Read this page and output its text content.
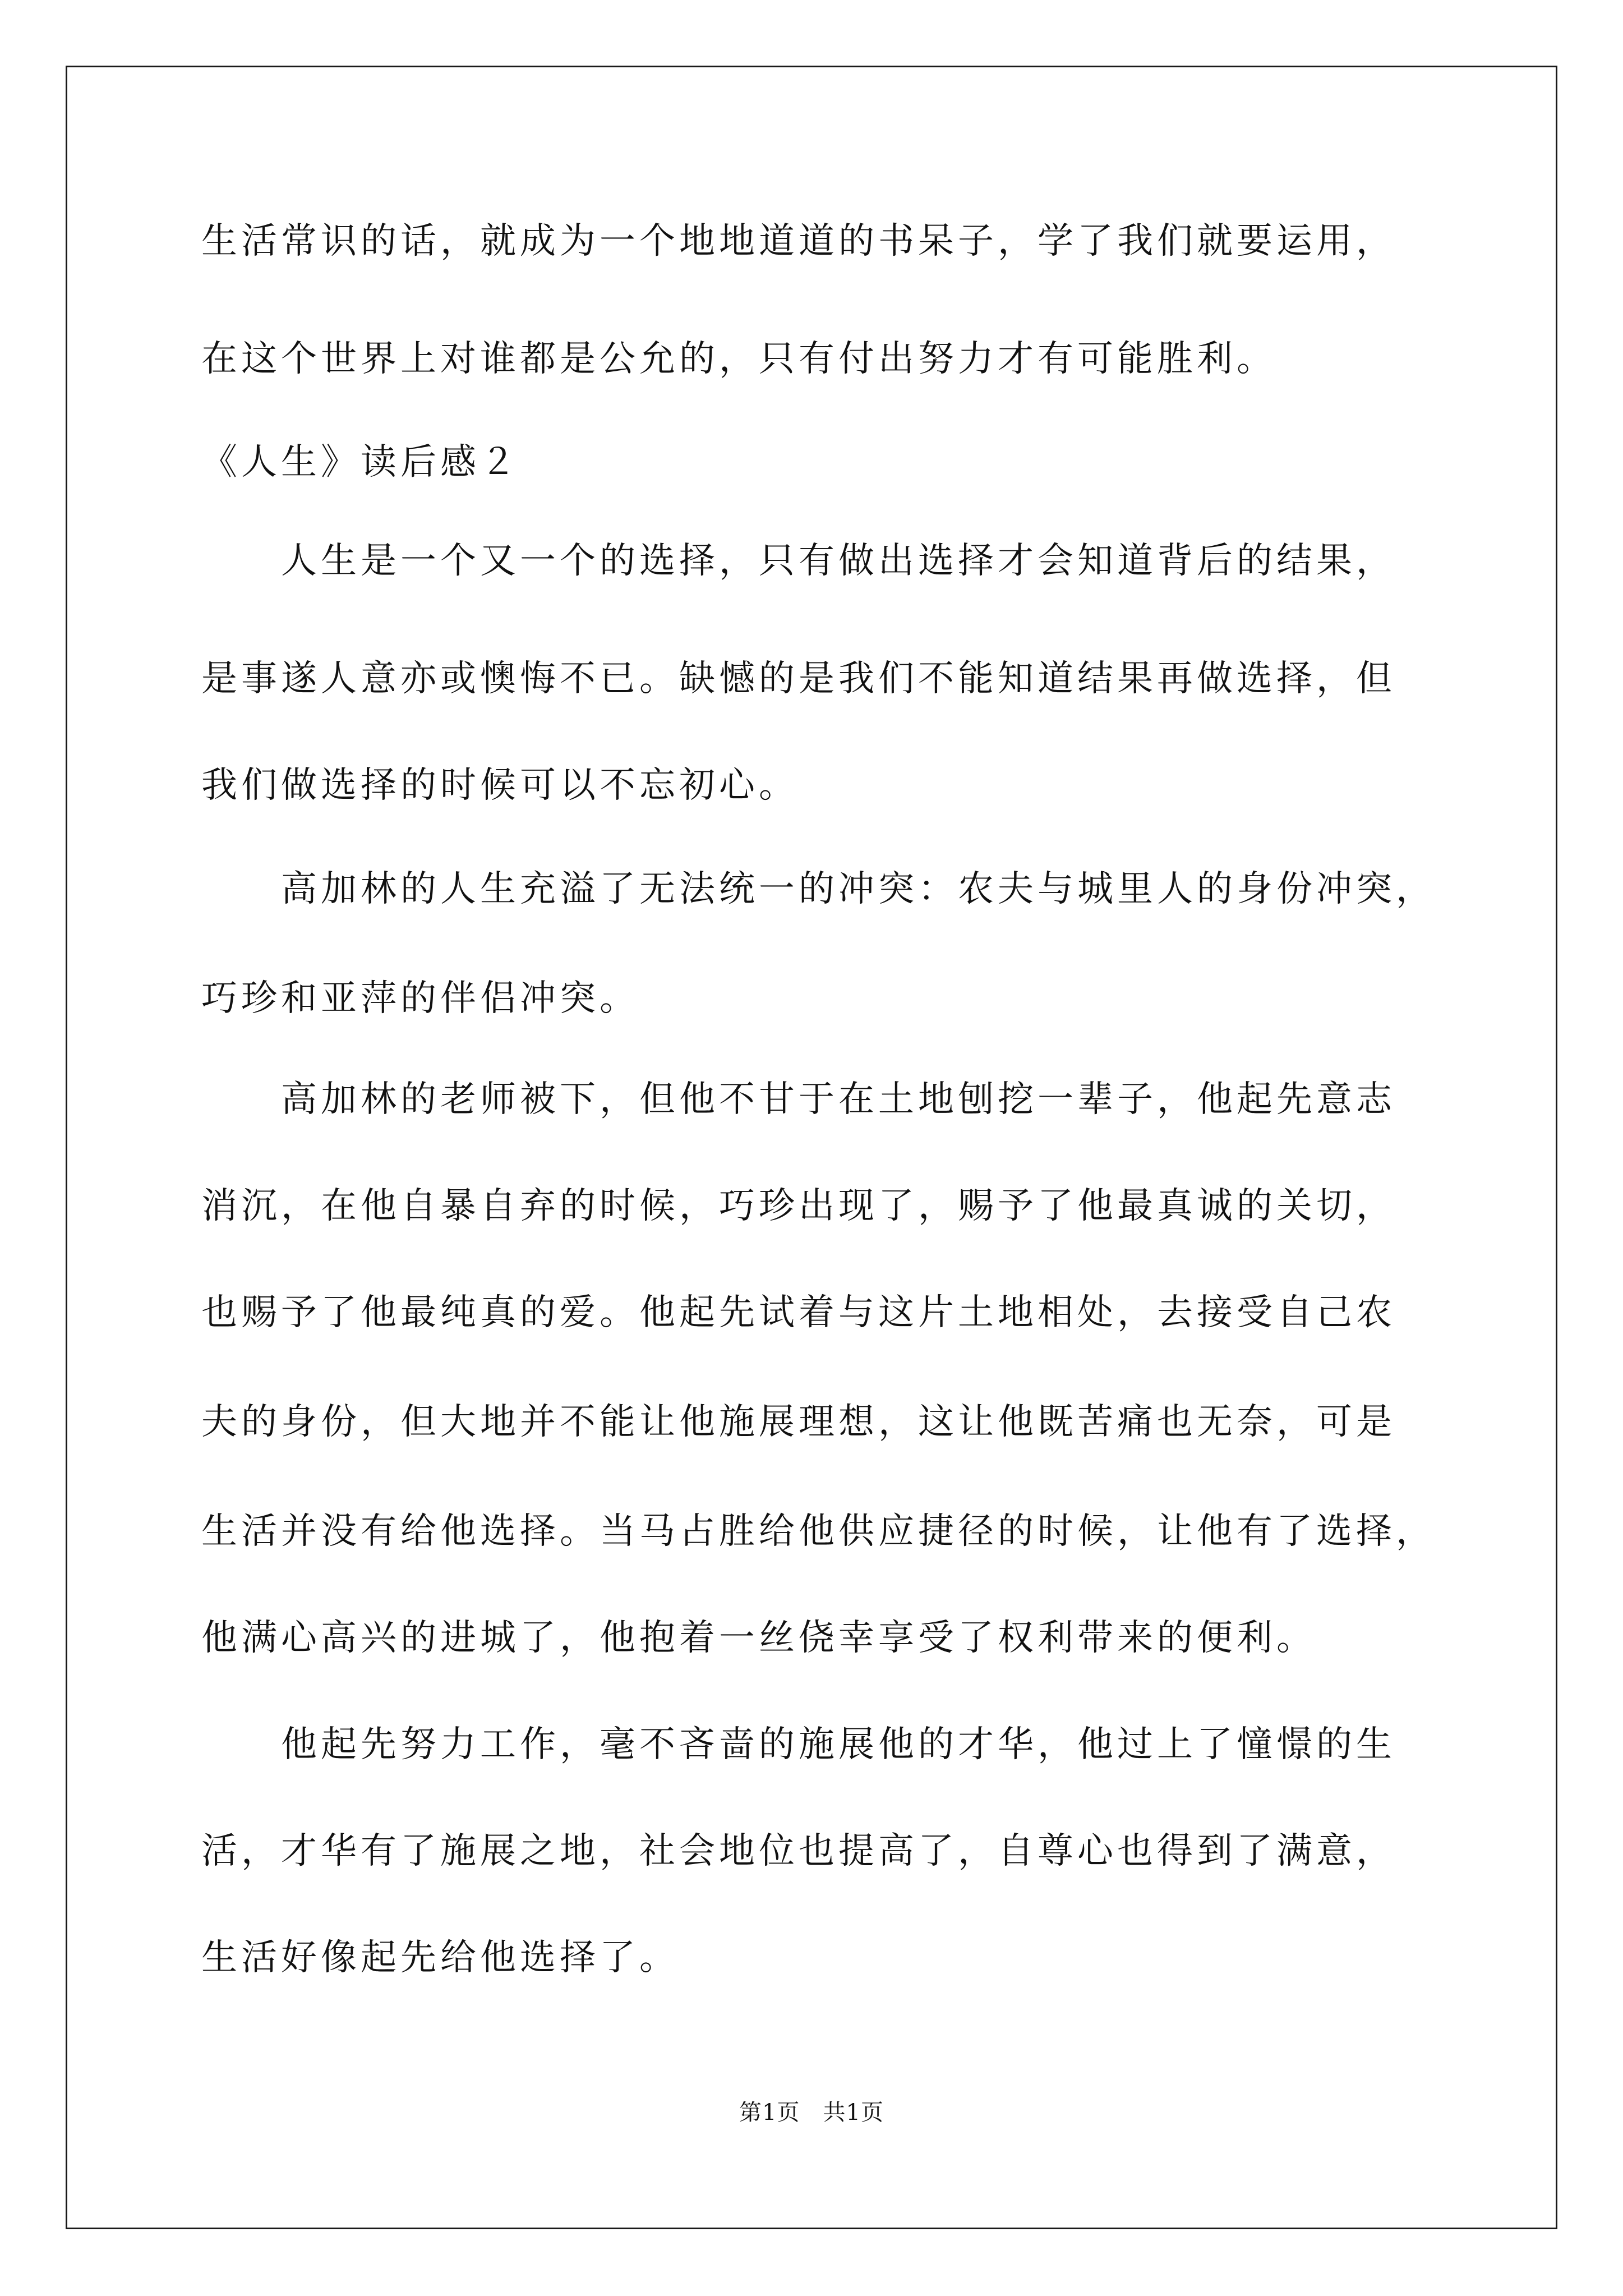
生活常识的话，就成为一个地地道道的书呆子，学了我们就要运用，
在这个世界上对谁都是公允的，只有付出努力才有可能胜利。
《人生》读后感２
人生是一个又一个的选择，只有做出选择才会知道背后的结果，
是事遂人意亦或懊悔不已。缺憾的是我们不能知道结果再做选择，但
我们做选择的时候可以不忘初心。
高加林的人生充溢了无法统一的冲突：农夫与城里人的身份冲突，
巧珍和亚萍的伴侣冲突。
高加林的老师被下，但他不甘于在土地刨挖一辈子，他起先意志
消沉，在他自暴自弃的时候，巧珍出现了，赐予了他最真诚的关切，
也赐予了他最纯真的爱。他起先试着与这片土地相处，去接受自己农
夫的身份，但大地并不能让他施展理想，这让他既苦痛也无奈，可是
生活并没有给他选择。当马占胜给他供应捷径的时候，让他有了选择，
他满心高兴的进城了，他抱着一丝侥幸享受了权利带来的便利。
他起先努力工作，毫不吝啬的施展他的才华，他过上了憧憬的生
活，才华有了施展之地，社会地位也提高了，自尊心也得到了满意，
生活好像起先给他选择了。
第1页　共1页
